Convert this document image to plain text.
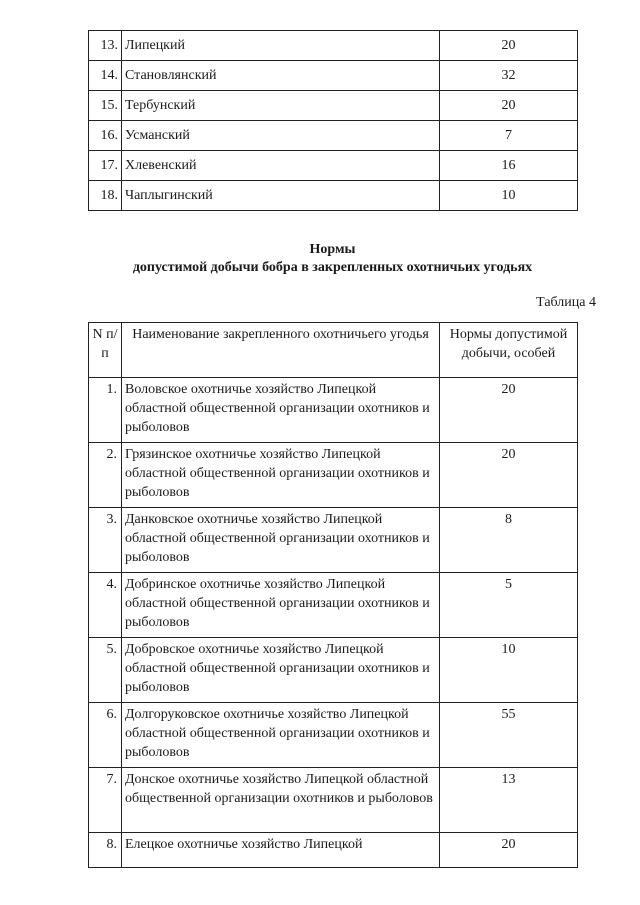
13.	Липецкий	20
14.	Становлянский	32
15.	Тербунский	20
16.	Усманский	7
17.	Хлевенский	16
18.	Чаплыгинский	10
Нормы
допустимой добычи бобра в закрепленных охотничьих угодьях
Таблица 4
N п/п	Наименование закрепленного охотничьего угодья	Нормы допустимой добычи, особей
1.	Воловское охотничье хозяйство Липецкой областной общественной организации охотников и рыболовов	20
2.	Грязинское охотничье хозяйство Липецкой областной общественной организации охотников и рыболовов	20
3.	Данковское охотничье хозяйство Липецкой областной общественной организации охотников и рыболовов	8
4.	Добринское охотничье хозяйство Липецкой областной общественной организации охотников и рыболовов	5
5.	Добровское охотничье хозяйство Липецкой областной общественной организации охотников и рыболовов	10
6.	Долгоруковское охотничье хозяйство Липецкой областной общественной организации охотников и рыболовов	55
7.	Донское охотничье хозяйство Липецкой областной общественной организации охотников и рыболовов	13
8.	Елецкое охотничье хозяйство Липецкой	20
